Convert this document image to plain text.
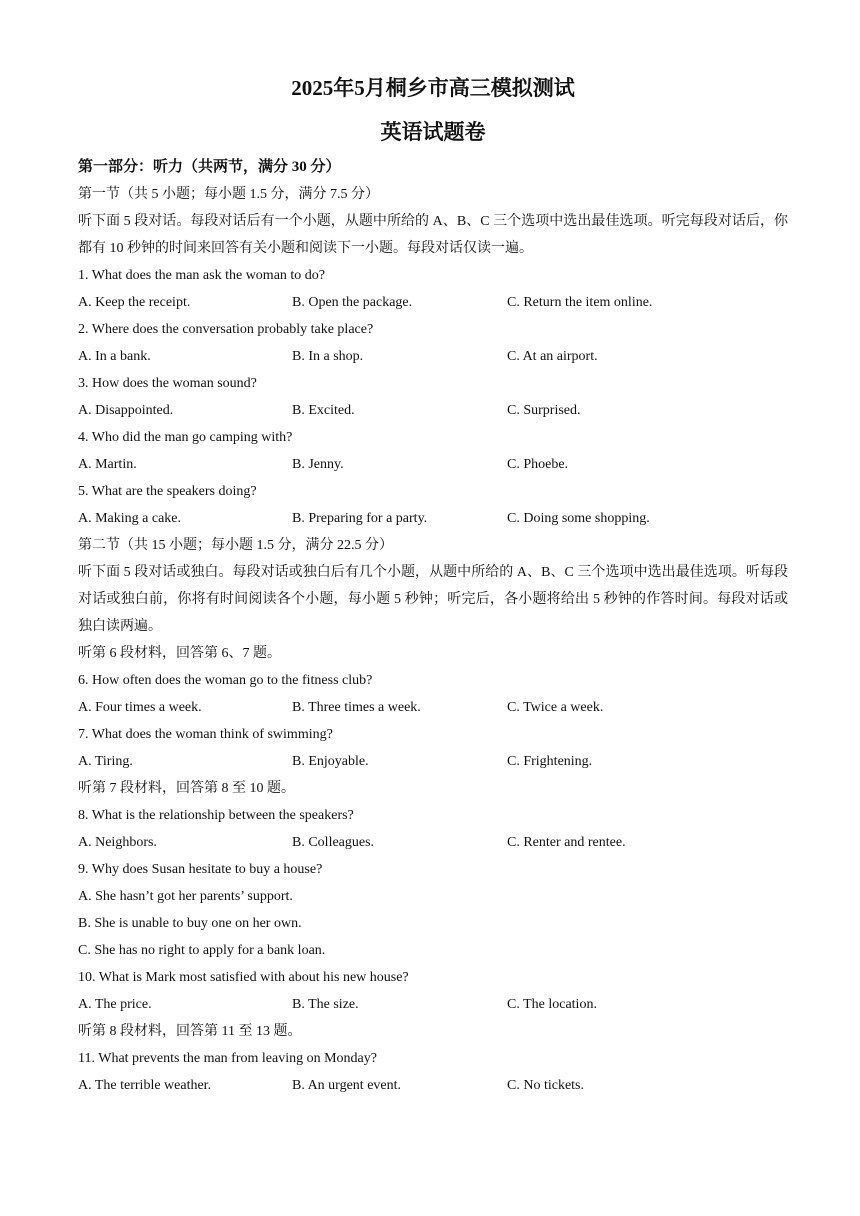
2025年5月桐乡市高三模拟测试
英语试题卷
第一部分：听力（共两节，满分 30 分）
第一节（共 5 小题；每小题 1.5 分，满分 7.5 分）
听下面 5 段对话。每段对话后有一个小题，从题中所给的 A、B、C 三个选项中选出最佳选项。听完每段对话后，你都有 10 秒钟的时间来回答有关小题和阅读下一小题。每段对话仅读一遍。
1. What does the man ask the woman to do?
A. Keep the receipt.	B. Open the package.	C. Return the item online.
2. Where does the conversation probably take place?
A. In a bank.	B. In a shop.	C. At an airport.
3. How does the woman sound?
A. Disappointed.	B. Excited.	C. Surprised.
4. Who did the man go camping with?
A. Martin.	B. Jenny.	C. Phoebe.
5. What are the speakers doing?
A. Making a cake.	B. Preparing for a party.	C. Doing some shopping.
第二节（共 15 小题；每小题 1.5 分，满分 22.5 分）
听下面 5 段对话或独白。每段对话或独白后有几个小题，从题中所给的 A、B、C 三个选项中选出最佳选项。听每段对话或独白前，你将有时间阅读各个小题，每小题 5 秒钟；听完后，各小题将给出 5 秒钟的作答时间。每段对话或独白读两遍。
听第 6 段材料，回答第 6、7 题。
6. How often does the woman go to the fitness club?
A. Four times a week.	B. Three times a week.	C. Twice a week.
7. What does the woman think of swimming?
A. Tiring.	B. Enjoyable.	C. Frightening.
听第 7 段材料，回答第 8 至 10 题。
8. What is the relationship between the speakers?
A. Neighbors.	B. Colleagues.	C. Renter and rentee.
9. Why does Susan hesitate to buy a house?
A. She hasn’t got her parents’ support.
B. She is unable to buy one on her own.
C. She has no right to apply for a bank loan.
10. What is Mark most satisfied with about his new house?
A. The price.	B. The size.	C. The location.
听第 8 段材料，回答第 11 至 13 题。
11. What prevents the man from leaving on Monday?
A. The terrible weather.	B. An urgent event.	C. No tickets.
